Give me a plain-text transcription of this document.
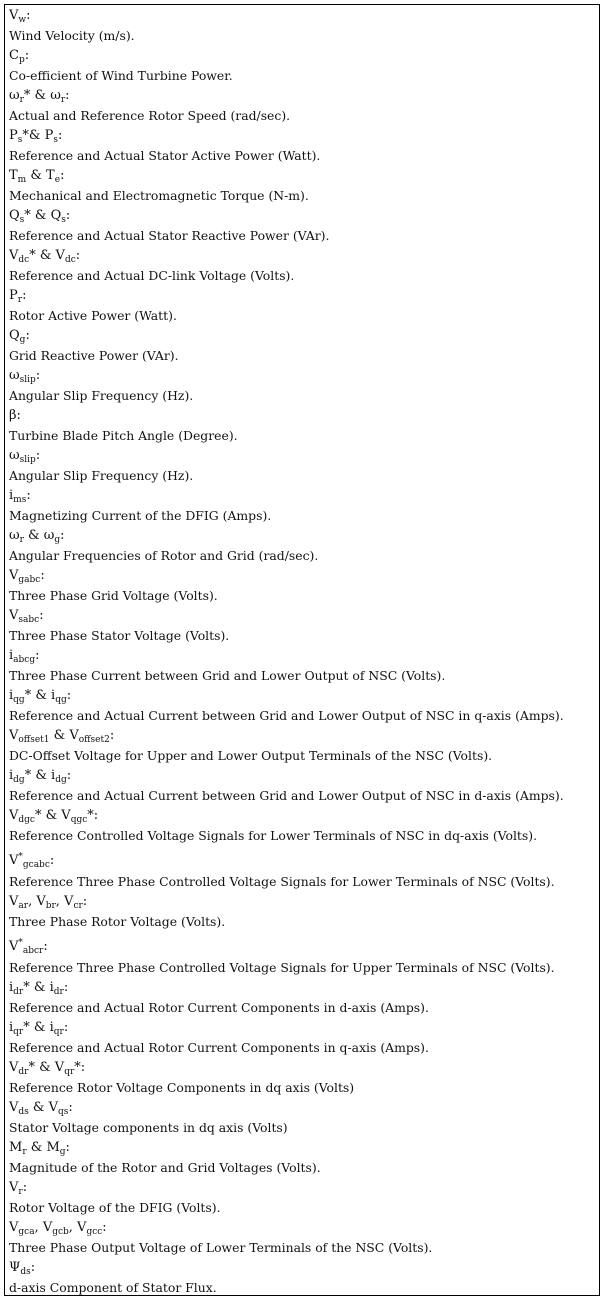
$V_w$:
Wind Velocity (m/s).
$C_p$:
Co-efficient of Wind Turbine Power.
$\omega_r*$ & $\omega_r$:
Actual and Reference Rotor Speed (rad/sec).
$P_s*\&$ $P_s$:
Reference and Actual Stator Active Power (Watt).
$T_m$ & $T_e$:
Mechanical and Electromagnetic Torque (N-m).
$Q_s*$ & $Q_s$:
Reference and Actual Stator Reactive Power (VAr).
$V_{dc}*$ & $V_{dc}$:
Reference and Actual DC-link Voltage (Volts).
$P_r$:
Rotor Active Power (Watt).
$Q_g$:
Grid Reactive Power (VAr).
$\omega_{slip}$:
Angular Slip Frequency (Hz).
β:
Turbine Blade Pitch Angle (Degree).
$\omega_{slip}$:
Angular Slip Frequency (Hz).
$i_{ms}$:
Magnetizing Current of the DFIG (Amps).
$\omega_r$ & $\omega_g$:
Angular Frequencies of Rotor and Grid (rad/sec).
$V_{gabc}$:
Three Phase Grid Voltage (Volts).
$V_{sabc}$:
Three Phase Stator Voltage (Volts).
$i_{abcg}$:
Three Phase Current between Grid and Lower Output of NSC (Volts).
$i_{qg}*$ & $i_{qg}$:
Reference and Actual Current between Grid and Lower Output of NSC in q-axis (Amps).
$V_{offset1}$ & $V_{offset2}$:
DC-Offset Voltage for Upper and Lower Output Terminals of the NSC (Volts).
$i_{dg}*$ & $i_{dg}$:
Reference and Actual Current between Grid and Lower Output of NSC in d-axis (Amps).
$V_{dgc}*$ & $V_{qgc}*$:
Reference Controlled Voltage Signals for Lower Terminals of NSC in dq-axis (Volts).
$V^*_{gcabc}$:
Reference Three Phase Controlled Voltage Signals for Lower Terminals of NSC (Volts).
$V_{ar}$, $V_{br}$, $V_{cr}$:
Three Phase Rotor Voltage (Volts).
$V^*_{abcr}$:
Reference Three Phase Controlled Voltage Signals for Upper Terminals of NSC (Volts).
$i_{dr}*$ & $i_{dr}$:
Reference and Actual Rotor Current Components in d-axis (Amps).
$i_{qr}*$ & $i_{qr}$:
Reference and Actual Rotor Current Components in q-axis (Amps).
$V_{dr}*$ & $V_{qr}*$:
Reference Rotor Voltage Components in dq axis (Volts)
$V_{ds}$ & $V_{qs}$:
Stator Voltage components in dq axis (Volts)
$M_r$ & $M_g$:
Magnitude of the Rotor and Grid Voltages (Volts).
$V_r$:
Rotor Voltage of the DFIG (Volts).
$V_{gca}$, $V_{gcb}$, $V_{gcc}$:
Three Phase Output Voltage of Lower Terminals of the NSC (Volts).
$\Psi_{ds}$:
d-axis Component of Stator Flux.
